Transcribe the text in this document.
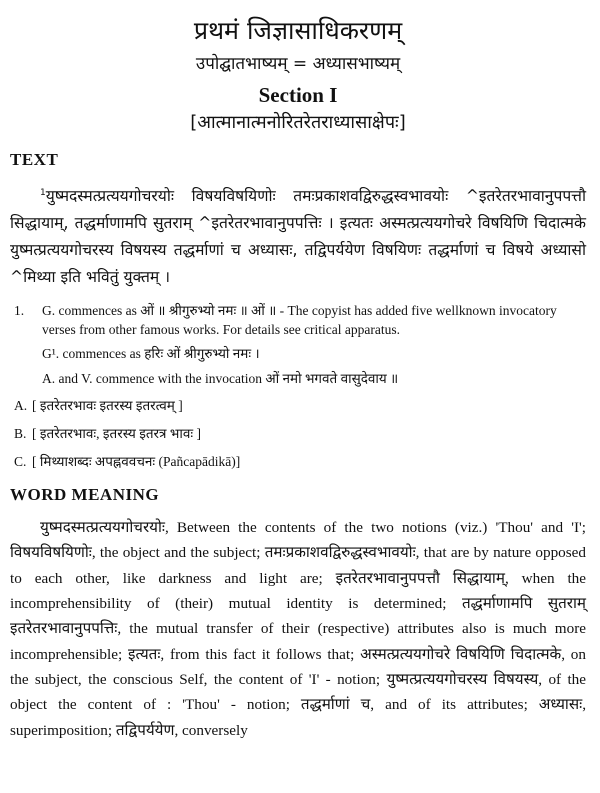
प्रथमं जिज्ञासाधिकरणम्
उपोद्घातभाष्यम् = अध्यासभाष्यम्
Section I
[आत्मानात्मनोरितरेतराध्यासाक्षेपः]
TEXT

$^1$युष्मदस्मत्प्रत्ययगोचरयोः विषयविषयिणोः तमःप्रकाशवद्विरुद्धस्वभावयोः ^इतरेतरभावानुपपत्तौ सिद्धायाम्, तद्धर्माणामपि सुतराम् ^इतरेतरभावानुपपत्तिः । इत्यतः अस्मत्प्रत्ययगोचरे विषयिणि चिदात्मके युष्मत्प्रत्ययगोचरस्य विषयस्य तद्धर्माणां च अध्यासः, तद्विपर्ययेण विषयिणः तद्धर्माणां च विषये अध्यासो ^मिथ्या इति भवितुं युक्तम् ।

1.	G. commences as ओं ॥ श्रीगुरुभ्यो नमः ॥ ओं ॥ - The copyist has added five wellknown invocatory verses from other famous works. For details see critical apparatus.
G¹. commences as हरिः ओं श्रीगुरुभ्यो नमः ।
A. and V. commence with the invocation ओं नमो भगवते वासुदेवाय ॥
A. [ इतरेतरभावः इतरस्य इतरत्वम् ]
B. [ इतरेतरभावः, इतरस्य इतरत्र भावः ]
C. [ मिथ्याशब्दः अपह्नववचनः (Pañcapādikā)]
WORD MEANING

युष्मदस्मत्प्रत्ययगोचरयोः, Between the contents of the two notions (viz.) 'Thou' and 'I'; विषयविषयिणोः, the object and the subject; तमःप्रकाशवद्विरुद्धस्वभावयोः, that are by nature opposed to each other, like darkness and light are; इतरेतरभावानुपपत्तौ सिद्धायाम्, when the incomprehensibility of (their) mutual identity is determined; तद्धर्माणामपि सुतराम् इतरेतरभावानुपपत्तिः, the mutual transfer of their (respective) attributes also is much more incomprehensible; इत्यतः, from this fact it follows that; अस्मत्प्रत्ययगोचरे विषयिणि चिदात्मके, on the subject, the conscious Self, the content of 'I' - notion; युष्मत्प्रत्ययगोचरस्य विषयस्य, of the object the content of : 'Thou' - notion; तद्धर्माणां च, and of its attributes; अध्यासः, superimposition; तद्विपर्ययेण, conversely
